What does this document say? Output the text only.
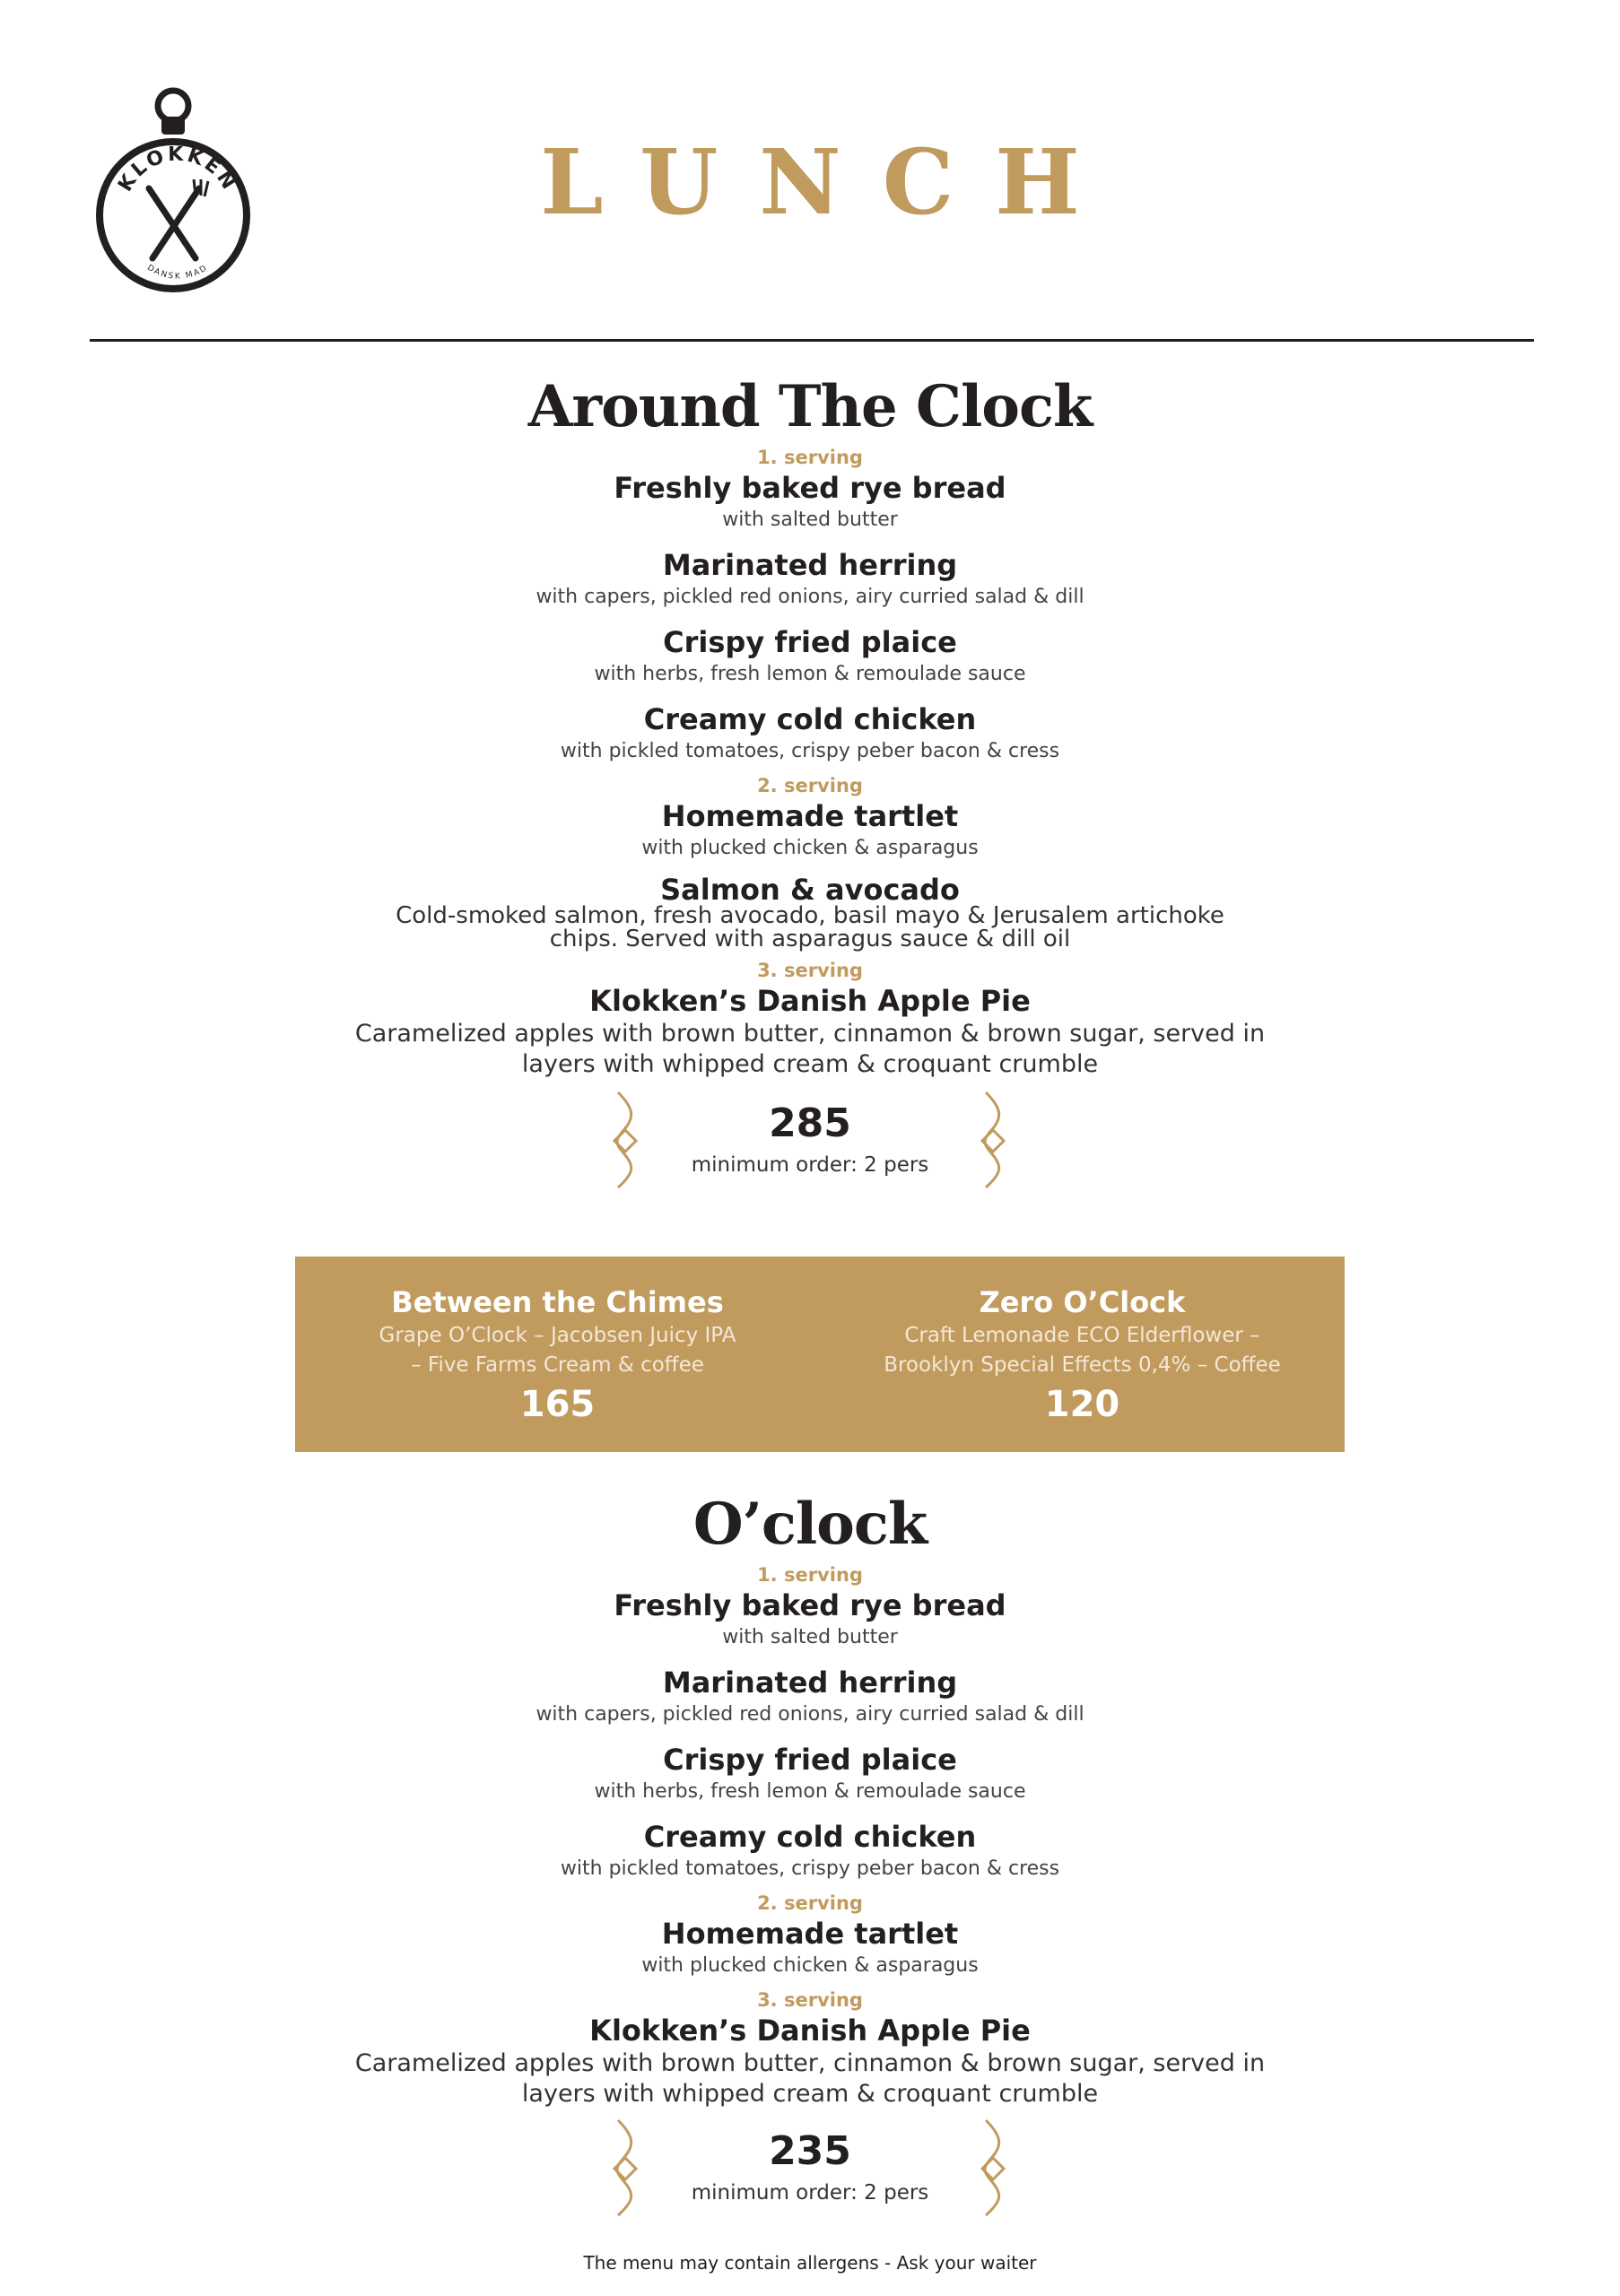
KLOKKEN
DANSK MAD
LUNCH
Around The Clock
1. serving
Freshly baked rye bread
with salted butter
Marinated herring
with capers, pickled red onions, airy curried salad & dill
Crispy fried plaice
with herbs, fresh lemon & remoulade sauce
Creamy cold chicken
with pickled tomatoes, crispy peber bacon & cress
2. serving
Homemade tartlet
with plucked chicken & asparagus
Salmon & avocado
Cold-smoked salmon, fresh avocado, basil mayo & Jerusalem artichoke
chips. Served with asparagus sauce & dill oil
3. serving
Klokken’s Danish Apple Pie
Caramelized apples with brown butter, cinnamon & brown sugar, served in
layers with whipped cream & croquant crumble
285
minimum order: 2 pers
Between the Chimes
Grape O’Clock – Jacobsen Juicy IPA
– Five Farms Cream & coffee
165
Zero O’Clock
Craft Lemonade ECO Elderflower –
Brooklyn Special Effects 0,4% – Coffee
120
O’clock
1. serving
Freshly baked rye bread
with salted butter
Marinated herring
with capers, pickled red onions, airy curried salad & dill
Crispy fried plaice
with herbs, fresh lemon & remoulade sauce
Creamy cold chicken
with pickled tomatoes, crispy peber bacon & cress
2. serving
Homemade tartlet
with plucked chicken & asparagus
3. serving
Klokken’s Danish Apple Pie
Caramelized apples with brown butter, cinnamon & brown sugar, served in
layers with whipped cream & croquant crumble
235
minimum order: 2 pers
The menu may contain allergens - Ask your waiter
